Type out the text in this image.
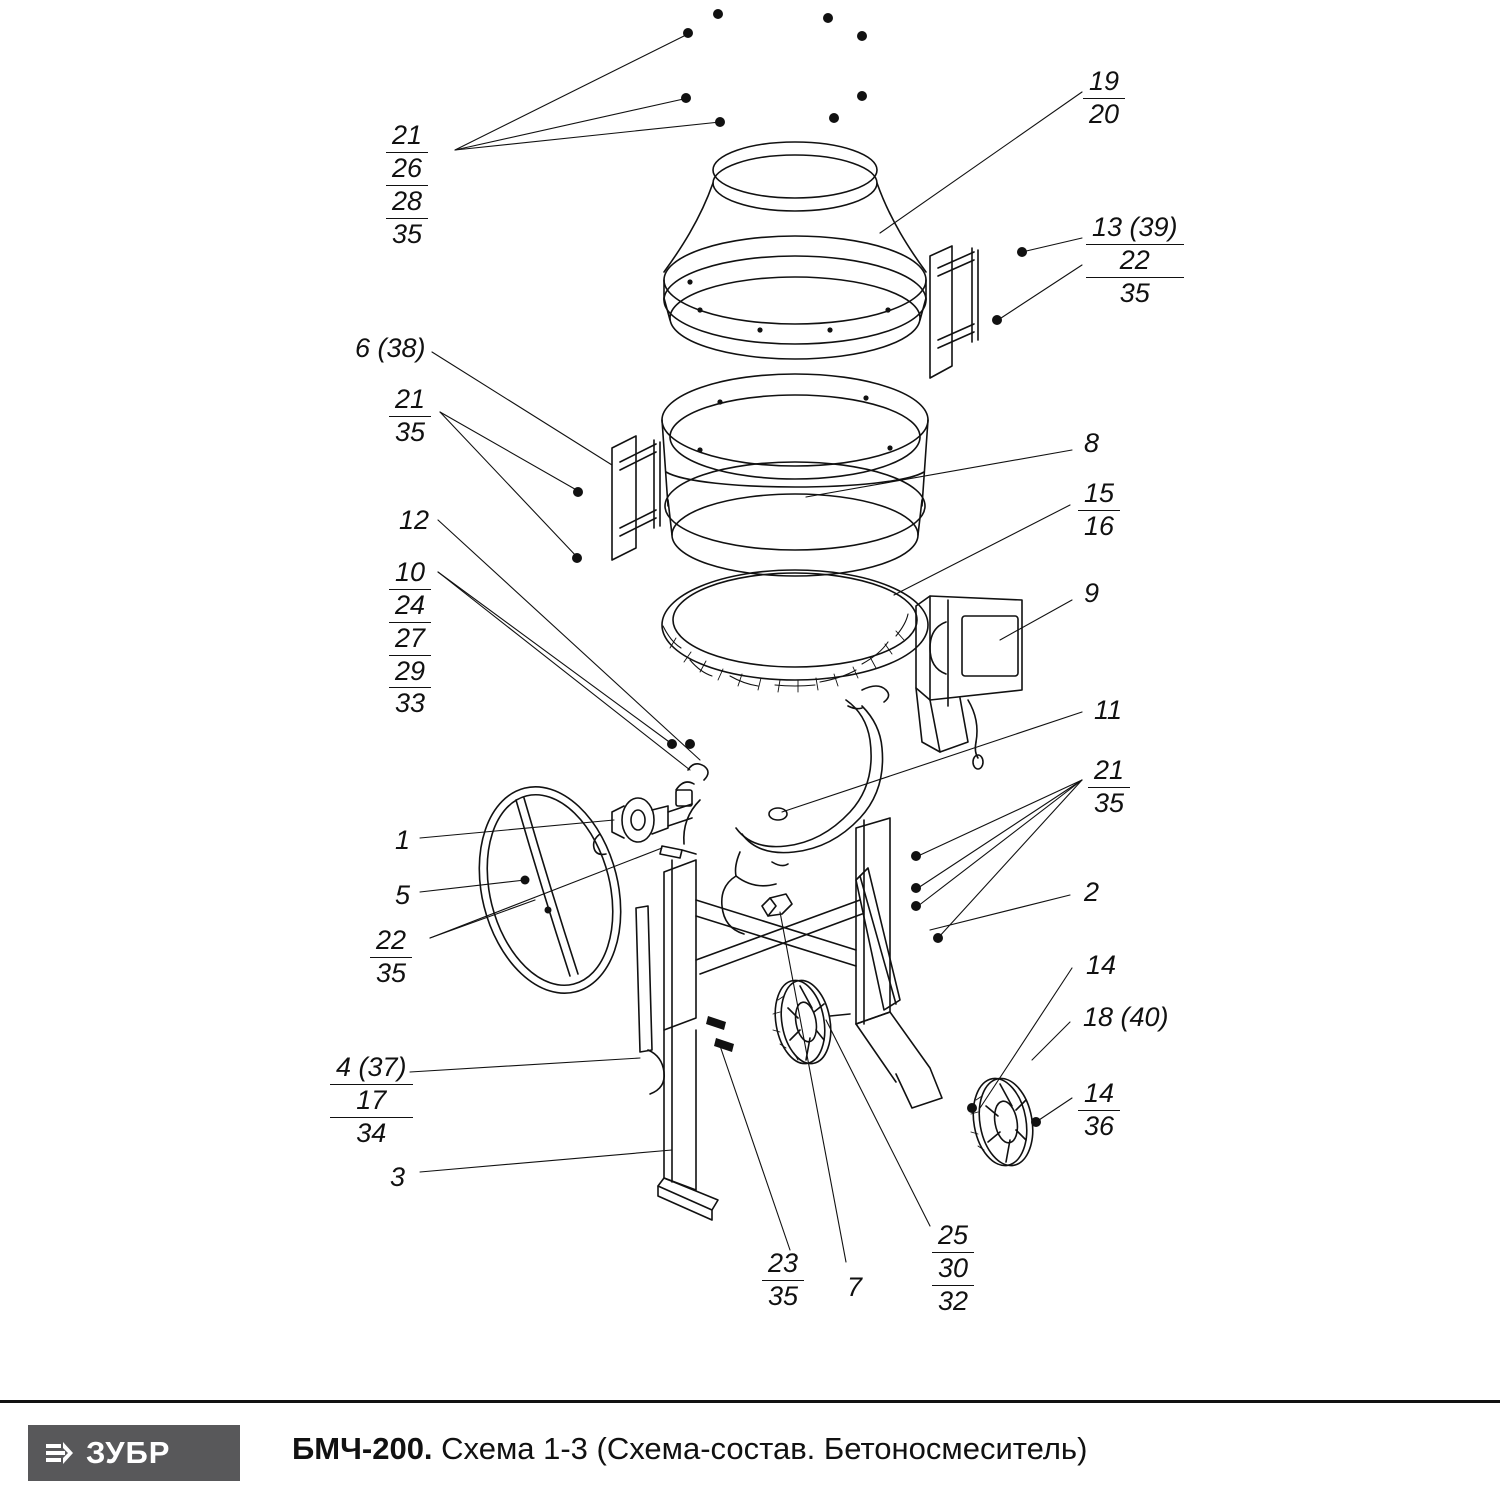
21
26
28
35
19
20
13 (39)
22
35
6 (38)
21
35	8
15
16
12
9
10
24
27
29
33	11
21
35
1
5
22
35
2
14
18 (40)
14
36
4 (37)
17
34
3
25
30
32
23
35 7
ЗУБР	БМЧ-200. Схема 1-3 (Схема-состав. Бетоносмеситель)
